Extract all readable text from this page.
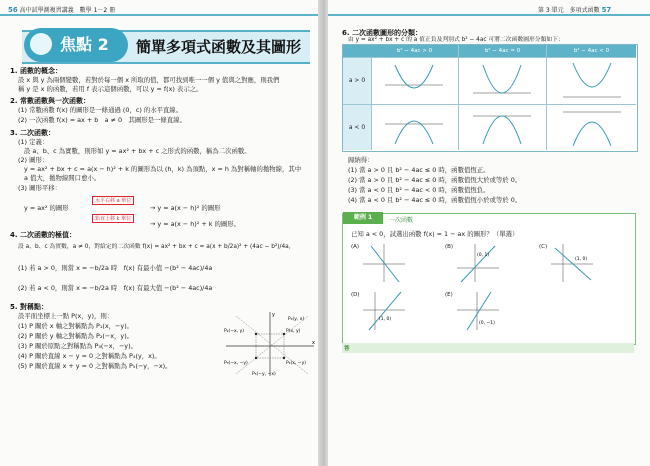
56 高中試學測複習講義　數學 1－2 冊
焦點 2 簡單多項式函數及其圖形
1. 函數的概念：
設 x 與 y 為兩個變數，若對於每一個 x 所取的值，都可找到唯一一個 y 值與之對應，則我們
稱 y 是 x 的函數，若用 f 表示這個函數，可以 y = f(x) 表示之。
2. 常數函數與一次函數：
(1) 常數函數 f(x) 的圖形是一條通過 (0，c) 的水平直線。
(2) 一次函數 f(x) = ax + b　a ≠ 0　其圖形是一條直線。
3. 二次函數：
(1) 定義：
設 a、b、c 為實數，則形如 y = ax² + bx + c 之形式的函數，稱為二次函數。
(2) 圖形：
y = ax² + bx + c = a(x − h)² + k 的圖形為以 (h，k) 為頂點，x = h 為對稱軸的拋物線，其中
a 值大，拋物線開口愈小。
(3) 圖形平移：
水平右移 a 單位
y = ax² 的圖形	→ y = a(x − h)² 的圖形
鉛直上移 k 單位
→ y = a(x − h)² + k 的圖形。
4. 二次函數的極值：
設 a、b、c 為實數，a ≠ 0，對給定的二次函數 f(x) = ax² + bx + c = a(x + b/2a)² + (4ac − b²)/4a，
(1) 若 a > 0，則當 x = −b/2a 時　f(x) 有最小值 −(b² − 4ac)/4a
(2) 若 a < 0，則當 x = −b/2a 時　f(x) 有最大值 −(b² − 4ac)/4a
5. 對稱點：
設平面坐標上一點 P(x，y)，則：
(1) P 關於 x 軸之對稱點為 P₁(x，−y)。
(2) P 關於 y 軸之對稱點為 P₂(−x，y)。
(3) P 關於原點之對稱點為 P₃(−x，−y)。
(4) P 關於直線 x − y = 0 之對稱點為 P₄(y，x)。
(5) P 關於直線 x + y = 0 之對稱點為 P₅(−y，−x)。
x
y
P(x, y)
P₁(x, −y)
P₂(−x, y)
P₃(−x, −y)
P₄(y, x)
P₅(−y, −x)
第 3 單元　多項式函數 57
6. 二次函數圖形的分類：
由 y = ax² + bx + c 的 a 值正負及判別式 b² − 4ac 可將二次函數圖形分類如下：
b² − 4ac > 0	b² − 4ac = 0	b² − 4ac < 0
a > 0
a < 0
歸納得：
(1) 當 a > 0 且 b² − 4ac ≤ 0 時，函數值恆正。
(2) 當 a > 0 且 b² − 4ac ≤ 0 時，函數值恆大於或等於 0。
(3) 當 a < 0 且 b² − 4ac < 0 時，函數值恆負。
(4) 當 a < 0 且 b² − 4ac ≤ 0 時，函數值恆小於或等於 0。
範例 1	一次函數
已知 a < 0，試選出函數 f(x) = 1 − ax 的圖形？（單選）
(A)	(B)
(0, 1)
(C)
(1, 0)
(D)
(1, 0)
(E)
(0, −1)
答
